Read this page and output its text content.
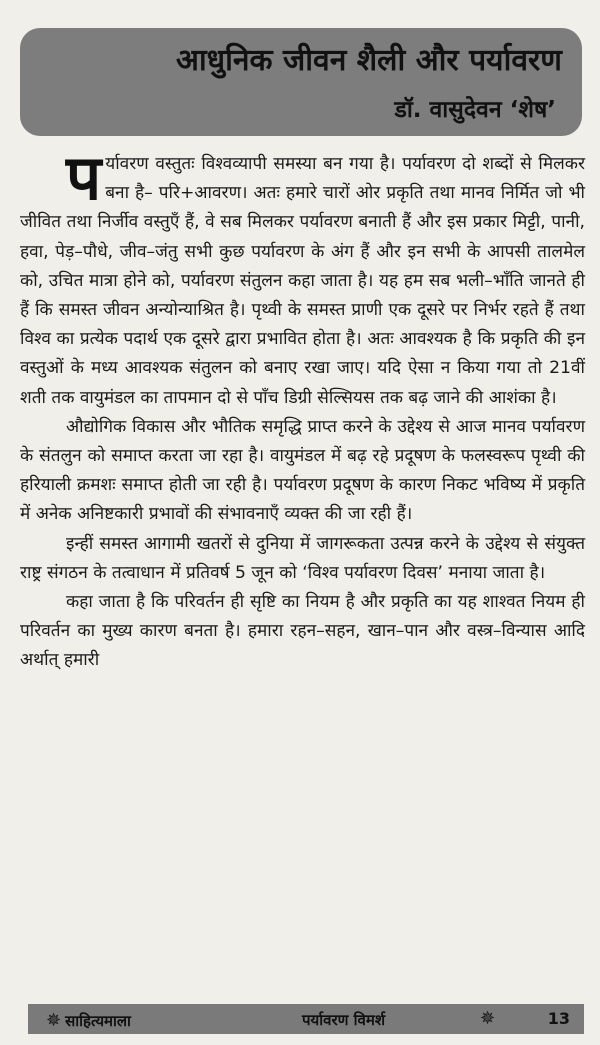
आधुनिक जीवन शैली और पर्यावरण
डॉ. वासुदेवन ‘शेष’

पर्यावरण वस्तुतः विश्वव्यापी समस्या बन गया है। पर्यावरण दो शब्दों से मिलकर बना है– परि+आवरण। अतः हमारे चारों ओर प्रकृति तथा मानव निर्मित जो भी जीवित तथा निर्जीव वस्तुएँ हैं, वे सब मिलकर पर्यावरण बनाती हैं और इस प्रकार मिट्टी, पानी, हवा, पेड़–पौधे, जीव–जंतु सभी कुछ पर्यावरण के अंग हैं और इन सभी के आपसी तालमेल को, उचित मात्रा होने को, पर्यावरण संतुलन कहा जाता है। यह हम सब भली–भाँति जानते ही हैं कि समस्त जीवन अन्योन्याश्रित है। पृथ्वी के समस्त प्राणी एक दूसरे पर निर्भर रहते हैं तथा विश्व का प्रत्येक पदार्थ एक दूसरे द्वारा प्रभावित होता है। अतः आवश्यक है कि प्रकृति की इन वस्तुओं के मध्य आवश्यक संतुलन को बनाए रखा जाए। यदि ऐसा न किया गया तो 21वीं शती तक वायुमंडल का तापमान दो से पाँच डिग्री सेल्सियस तक बढ़ जाने की आशंका है।

औद्योगिक विकास और भौतिक समृद्धि प्राप्त करने के उद्देश्य से आज मानव पर्यावरण के संतलुन को समाप्त करता जा रहा है। वायुमंडल में बढ़ रहे प्रदूषण के फलस्वरूप पृथ्वी की हरियाली क्रमशः समाप्त होती जा रही है। पर्यावरण प्रदूषण के कारण निकट भविष्य में प्रकृति में अनेक अनिष्टकारी प्रभावों की संभावनाएँ व्यक्त की जा रही हैं।

इन्हीं समस्त आगामी खतरों से दुनिया में जागरूकता उत्पन्न करने के उद्देश्य से संयुक्त राष्ट्र संगठन के तत्वाधान में प्रतिवर्ष 5 जून को ‘विश्व पर्यावरण दिवस’ मनाया जाता है।

कहा जाता है कि परिवर्तन ही सृष्टि का नियम है और प्रकृति का यह शाश्वत नियम ही परिवर्तन का मुख्य कारण बनता है। हमारा रहन–सहन, खान–पान और वस्त्र–विन्यास आदि अर्थात् हमारी

✵ साहित्यमाला	पर्यावरण विमर्श	✵	13
